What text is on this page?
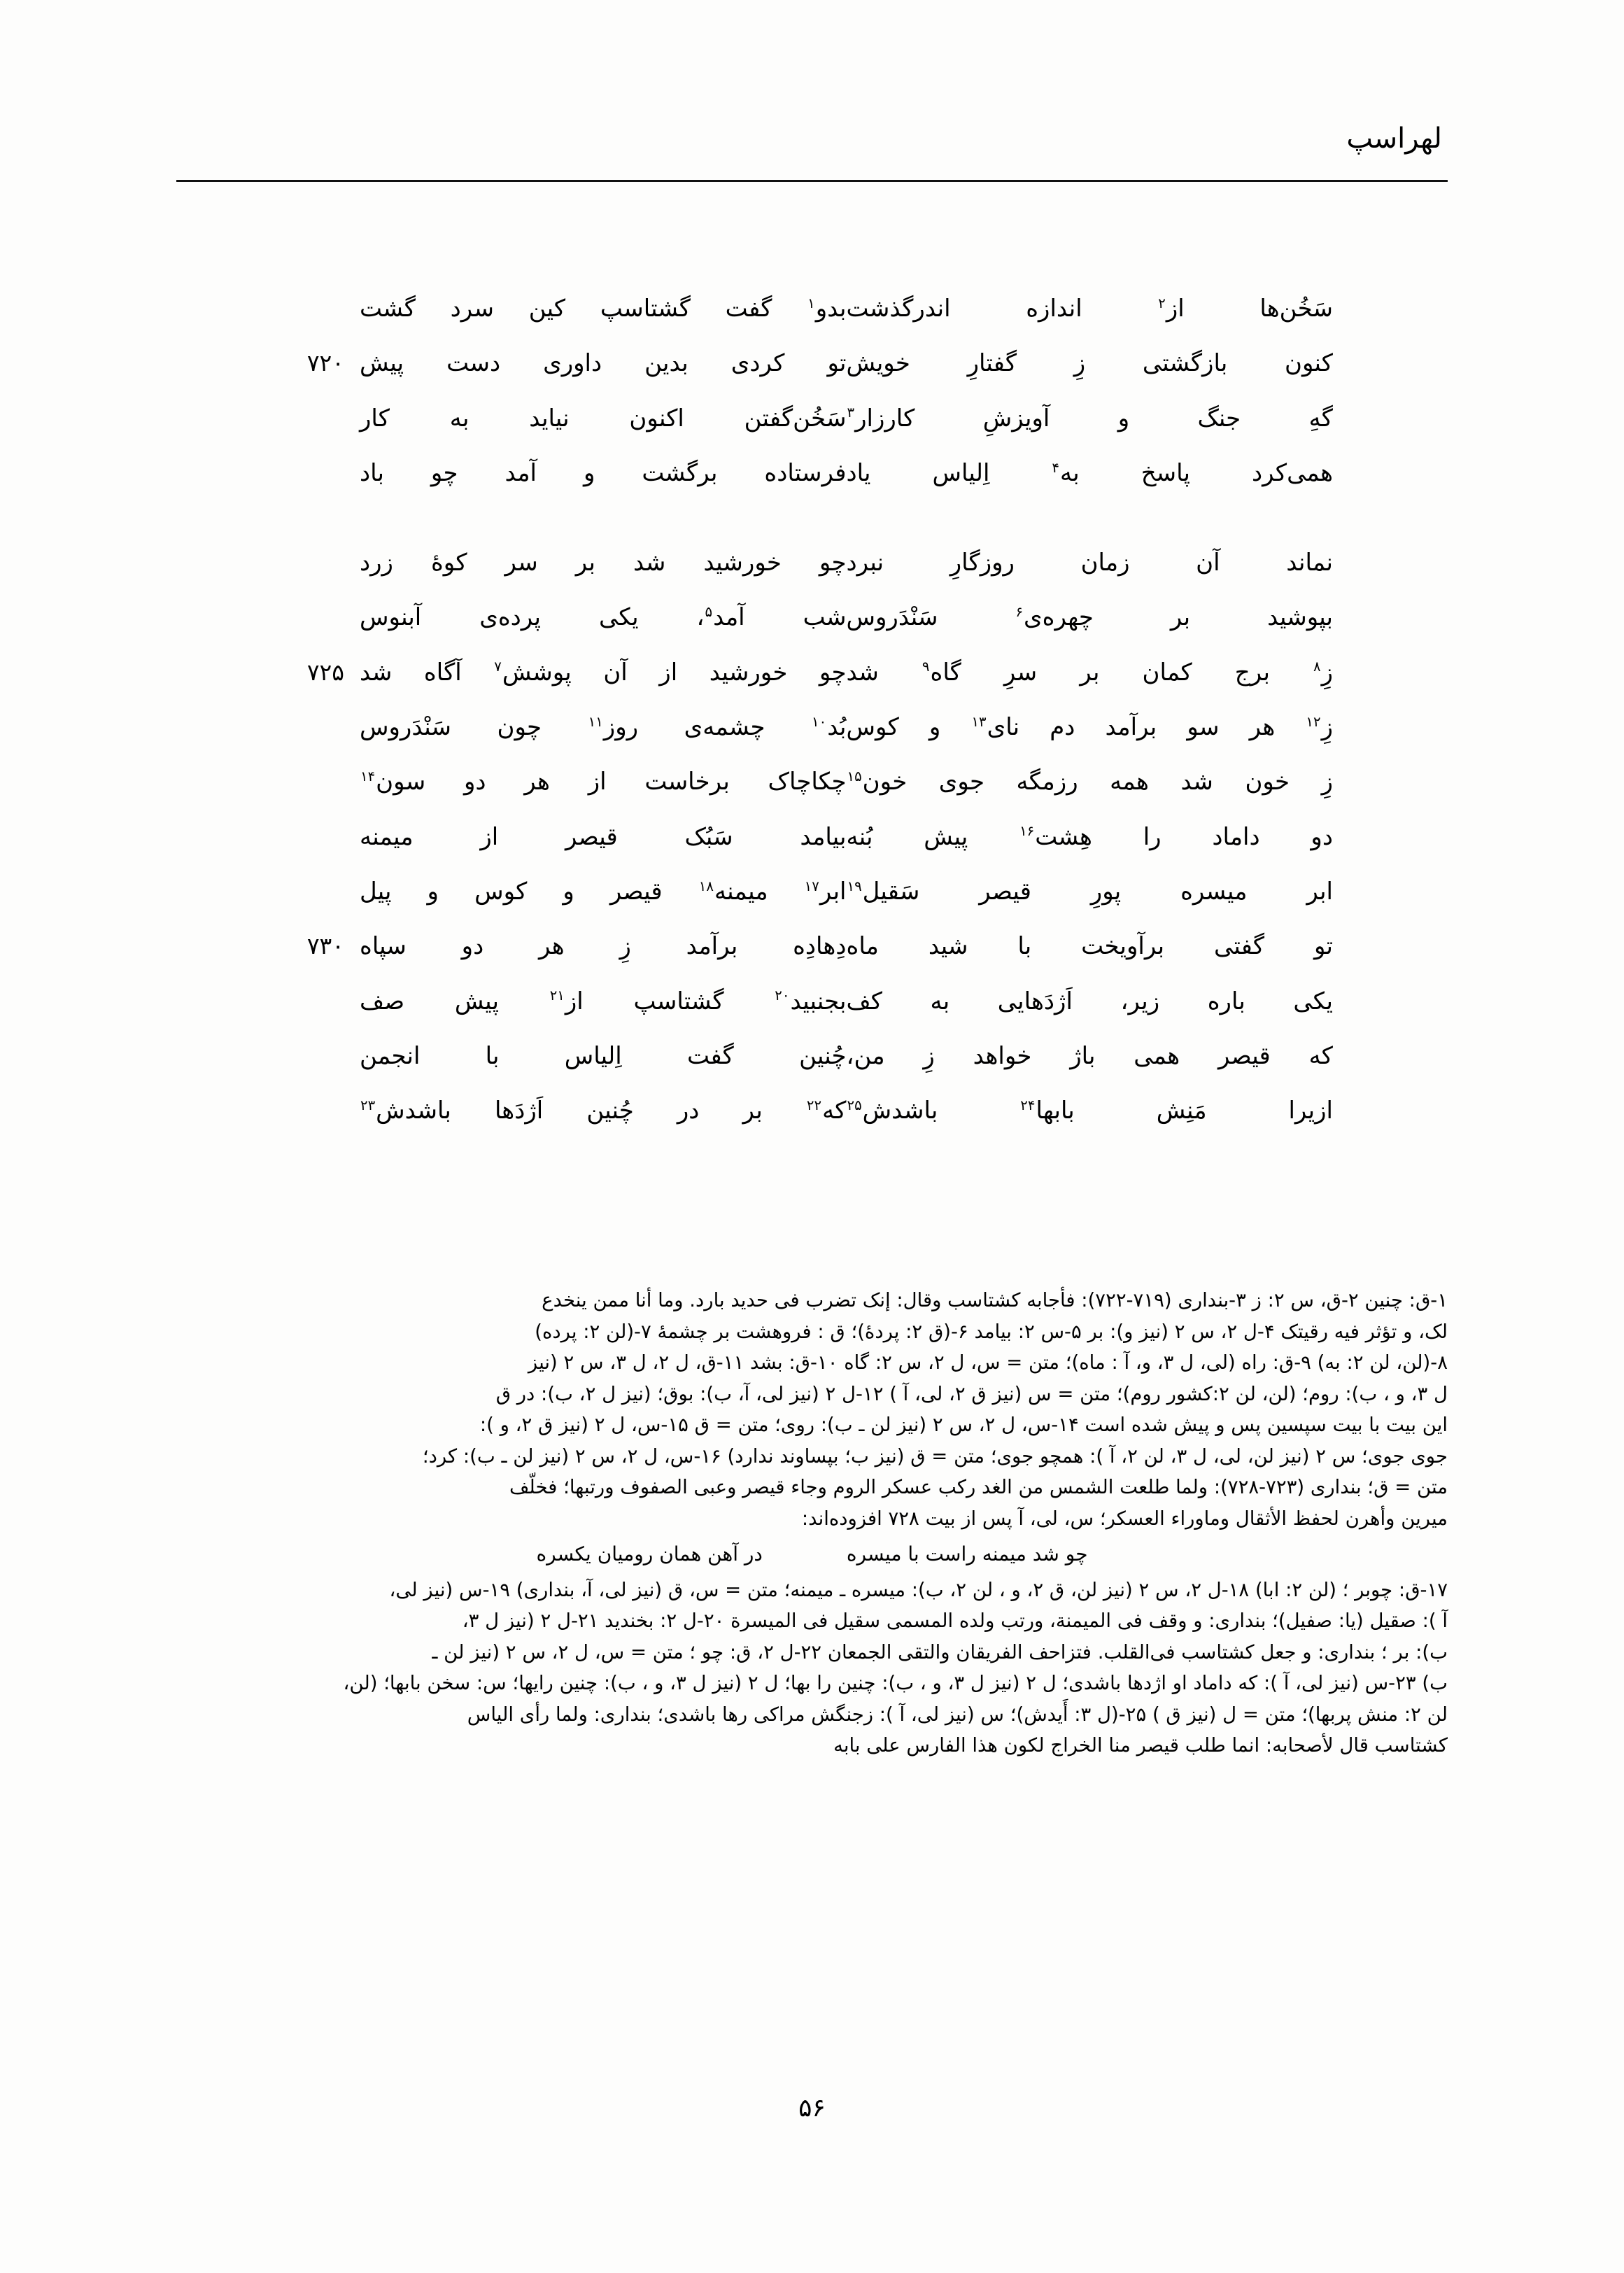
لهراسپ
سَخُن‌ها از$^۲$ اندازه اندرگذشت
بدو$^۱$ گفت گشتاسپ کین سرد گشت
کنون بازگشتی زِ گفتارِ خویش
تو کردی بدین داوری دست پیش
۷۲۰
گهِ جنگ و آویزشِ کارزار$^۳$
سَخُن‌گفتن اکنون نیاید به کار
همی‌کرد پاسخ به$^۴$ اِلیاس یاد
فرستاده برگشت و آمد چو باد
نماند آن زمان روزگارِ نبرد
چو خورشید شد بر سر کوهٔ زرد
بپوشید بر چهره‌ی$^۶$ سَنْدَروس
شب آمد$^۵$، یکی پرده‌ی آبنوس
زِ$^۸$ برج کمان بر سرِ گاه$^۹$ شد
چو خورشید از آن پوشش$^۷$ آگاه شد
۷۲۵
زِ$^{۱۲}$ هر سو برآمد دم نای$^{۱۳}$ و کوس
بُد$^{۱۰}$ چشمه‌ی روز$^{۱۱}$ چون سَنْدَروس
زِ خون شد همه رزمگه جوی خون$^{۱۵}$
چکاچاک برخاست از هر دو سون$^{۱۴}$
دو داماد را هِشت$^{۱۶}$ پیش بُنه
بیامد سَبُک قیصر از میمنه
ابر میسره پورِ قیصر سَقیل$^{۱۹}$
ابر$^{۱۷}$ میمنه$^{۱۸}$ قیصر و کوس و پیل
تو گفتی برآویخت با شید ماه
دِهادِه برآمد زِ هر دو سپاه
۷۳۰
یکی باره زیر، اَژدَهایی به کف
بجنبید$^{۲۰}$ گشتاسپ از$^{۲۱}$ پیش صف
که قیصر همی باژ خواهد زِ من،
چُنین گفت اِلیاس با انجمن
ازیرا مَنِش بابها$^{۲۴}$ باشدش$^{۲۵}$
که$^{۲۲}$ بر در چُنین اَژدَها باشدش$^{۲۳}$

۱-ق: چنین ۲-ق، س ۲: ز ۳-بنداری (۷۱۹-۷۲۲): فأجابه کشتاسب وقال: إنک تضرب فی حدید بارد. وما أنا ممن ینخدع

لک، و تؤثر فیه رقیتک ۴-ل ۲، س ۲ (نیز و): بر ۵-س ۲: بیامد ۶-(ق ۲: پردهٔ)؛ ق : فروهشت بر چشمهٔ ۷-(لن ۲: پرده)

۸-(لن، لن ۲: به) ۹-ق: راه (لی، ل ۳، و، آ : ماه)؛ متن = س، ل ۲، س ۲: گاه ۱۰-ق: بشد ۱۱-ق، ل ۲، ل ۳، س ۲ (نیز

ل ۳، و ، ب): روم؛ (لن، لن ۲:کشور روم)؛ متن = س (نیز ق ۲، لی، آ ) ۱۲-ل ۲ (نیز لی، آ، ب): بوق؛ (نیز ل ۲، ب): در ق

این بیت با بیت سپسین پس و پیش شده است ۱۴-س، ل ۲، س ۲ (نیز لن ـ ب): روی؛ متن = ق ۱۵-س، ل ۲ (نیز ق ۲، و ):

جوی جوی؛ س ۲ (نیز لن، لی، ل ۳، لن ۲، آ ): همچو جوی؛ متن = ق (نیز ب؛ بپساوند ندارد) ۱۶-س، ل ۲، س ۲ (نیز لن ـ ب): کرد؛

متن = ق؛ بنداری (۷۲۳-۷۲۸): ولما طلعت الشمس من الغد رکب عسکر الروم وجاء قیصر وعبی الصفوف ورتبها؛ فخلّف

میرین وأهرن لحفظ الأثقال وماوراء العسکر؛ س، لی، آ پس از بیت ۷۲۸ افزوده‌اند:

چو شد میمنه راست با میسره
در آهن همان رومیان یکسره

۱۷-ق: چوبر ؛ (لن ۲: ابا) ۱۸-ل ۲، س ۲ (نیز لن، ق ۲، و ، لن ۲، ب): میسره ـ میمنه؛ متن = س، ق (نیز لی، آ، بنداری) ۱۹-س (نیز لی،

آ ): صقیل (یا: صفیل)؛ بنداری: و وقف فی المیمنة، ورتب ولده المسمی سقیل فی المیسرة ۲۰-ل ۲: بخندید ۲۱-ل ۲ (نیز ل ۳،

ب): بر ؛ بنداری: و جعل کشتاسب فی‌القلب. فتزاحف الفریقان والتقی الجمعان ۲۲-ل ۲، ق: چو ؛ متن = س، ل ۲، س ۲ (نیز لن ـ

ب) ۲۳-س (نیز لی، آ ): که داماد او اژدها باشدی؛ ل ۲ (نیز ل ۳، و ، ب): چنین را بها؛ ل ۲ (نیز ل ۳، و ، ب): چنین رایها؛ س: سخن بابها؛ (لن،

لن ۲: منش پربها)؛ متن = ل (نیز ق ) ۲۵-(ل ۳: أَیدش)؛ س (نیز لی، آ ): زجنگش مراکی رها باشدی؛ بنداری: ولما رأی الیاس

کشتاسب قال لأصحابه: انما طلب قیصر منا الخراج لکون هذا الفارس علی بابه

۵۶
